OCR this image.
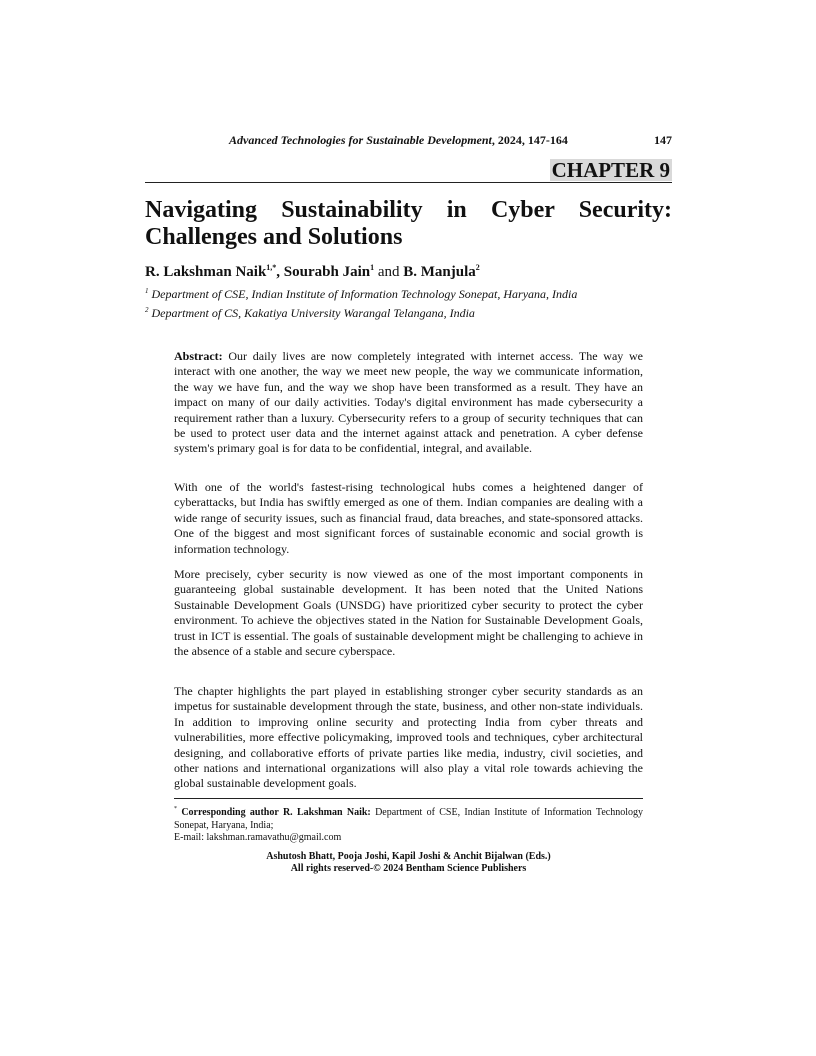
Advanced Technologies for Sustainable Development, 2024, 147-164	147
CHAPTER 9
Navigating Sustainability in Cyber Security:
Challenges and Solutions
R. Lakshman Naik$^{1,*}$, Sourabh Jain$^1$ and B. Manjula$^2$
$^1$ Department of CSE, Indian Institute of Information Technology Sonepat, Haryana, India
$^2$ Department of CS, Kakatiya University Warangal Telangana, India

Abstract: Our daily lives are now completely integrated with internet access. The way we interact with one another, the way we meet new people, the way we communicate information, the way we have fun, and the way we shop have been transformed as a result. They have an impact on many of our daily activities. Today's digital environment has made cybersecurity a requirement rather than a luxury. Cybersecurity refers to a group of security techniques that can be used to protect user data and the internet against attack and penetration. A cyber defense system's primary goal is for data to be confidential, integral, and available.

With one of the world's fastest-rising technological hubs comes a heightened danger of cyberattacks, but India has swiftly emerged as one of them. Indian companies are dealing with a wide range of security issues, such as financial fraud, data breaches, and state-sponsored attacks. One of the biggest and most significant forces of sustainable economic and social growth is information technology.

More precisely, cyber security is now viewed as one of the most important components in guaranteeing global sustainable development. It has been noted that the United Nations Sustainable Development Goals (UNSDG) have prioritized cyber security to protect the cyber environment. To achieve the objectives stated in the Nation for Sustainable Development Goals, trust in ICT is essential. The goals of sustainable development might be challenging to achieve in the absence of a stable and secure cyberspace.

The chapter highlights the part played in establishing stronger cyber security standards as an impetus for sustainable development through the state, business, and other non-state individuals. In addition to improving online security and protecting India from cyber threats and vulnerabilities, more effective policymaking, improved tools and techniques, cyber architectural designing, and collaborative efforts of private parties like media, industry, civil societies, and other nations and international organizations will also play a vital role towards achieving the global sustainable development goals.

* Corresponding author R. Lakshman Naik: Department of CSE, Indian Institute of Information Technology Sonepat, Haryana, India;
E-mail: lakshman.ramavathu@gmail.com
Ashutosh Bhatt, Pooja Joshi, Kapil Joshi & Anchit Bijalwan (Eds.)
All rights reserved-© 2024 Bentham Science Publishers
